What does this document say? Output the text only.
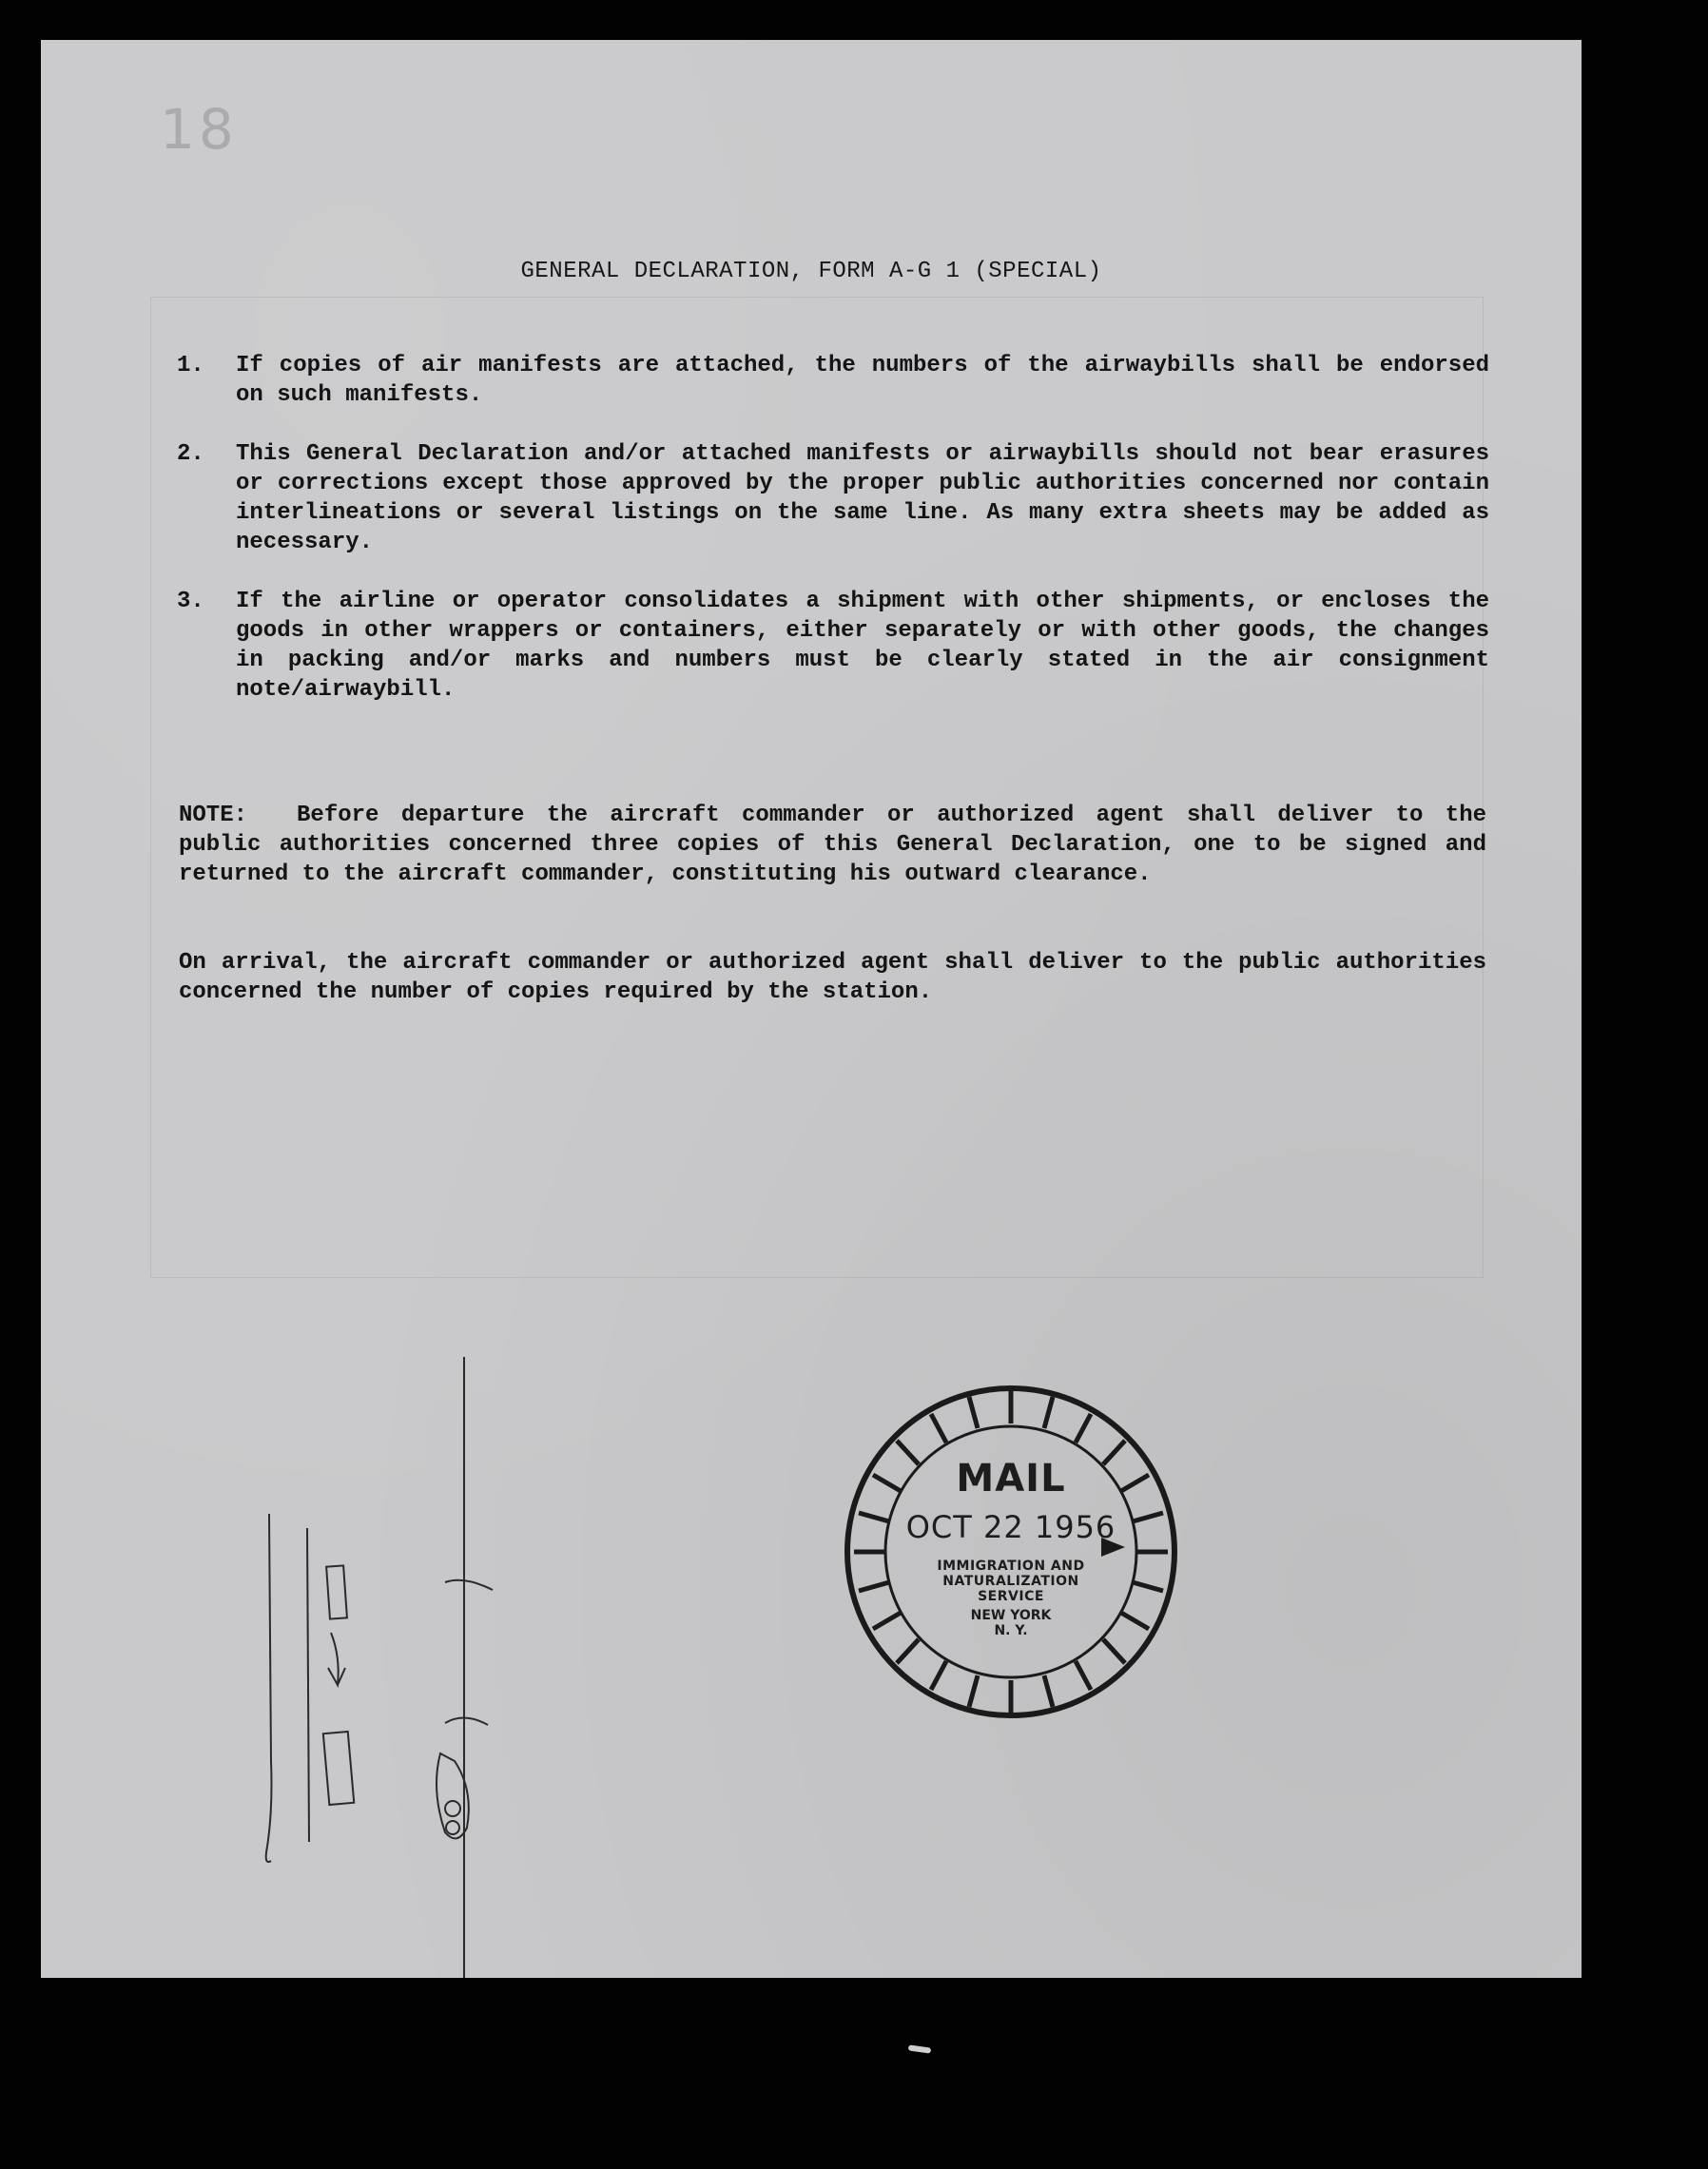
18
GENERAL DECLARATION, FORM A-G 1 (SPECIAL)
1.	If copies of air manifests are attached, the numbers of the airwaybills shall be endorsed on such manifests.
2.	This General Declaration and/or attached manifests or airwaybills should not bear erasures or corrections except those approved by the proper public authorities concerned nor contain interlineations or several listings on the same line. As many extra sheets may be added as necessary.
3.	If the airline or operator consolidates a shipment with other shipments, or encloses the goods in other wrappers or containers, either separately or with other goods, the changes in packing and/or marks and numbers must be clearly stated in the air consignment note/airwaybill.
NOTE: Before departure the aircraft commander or authorized agent shall deliver to the public authorities concerned three copies of this General Declaration, one to be signed and returned to the aircraft commander, constituting his outward clearance.
On arrival, the aircraft commander or authorized agent shall deliver to the public authorities concerned the number of copies required by the station.
MAIL
OCT 22 1956
IMMIGRATION AND
NATURALIZATION
SERVICE
NEW YORK
N. Y.
